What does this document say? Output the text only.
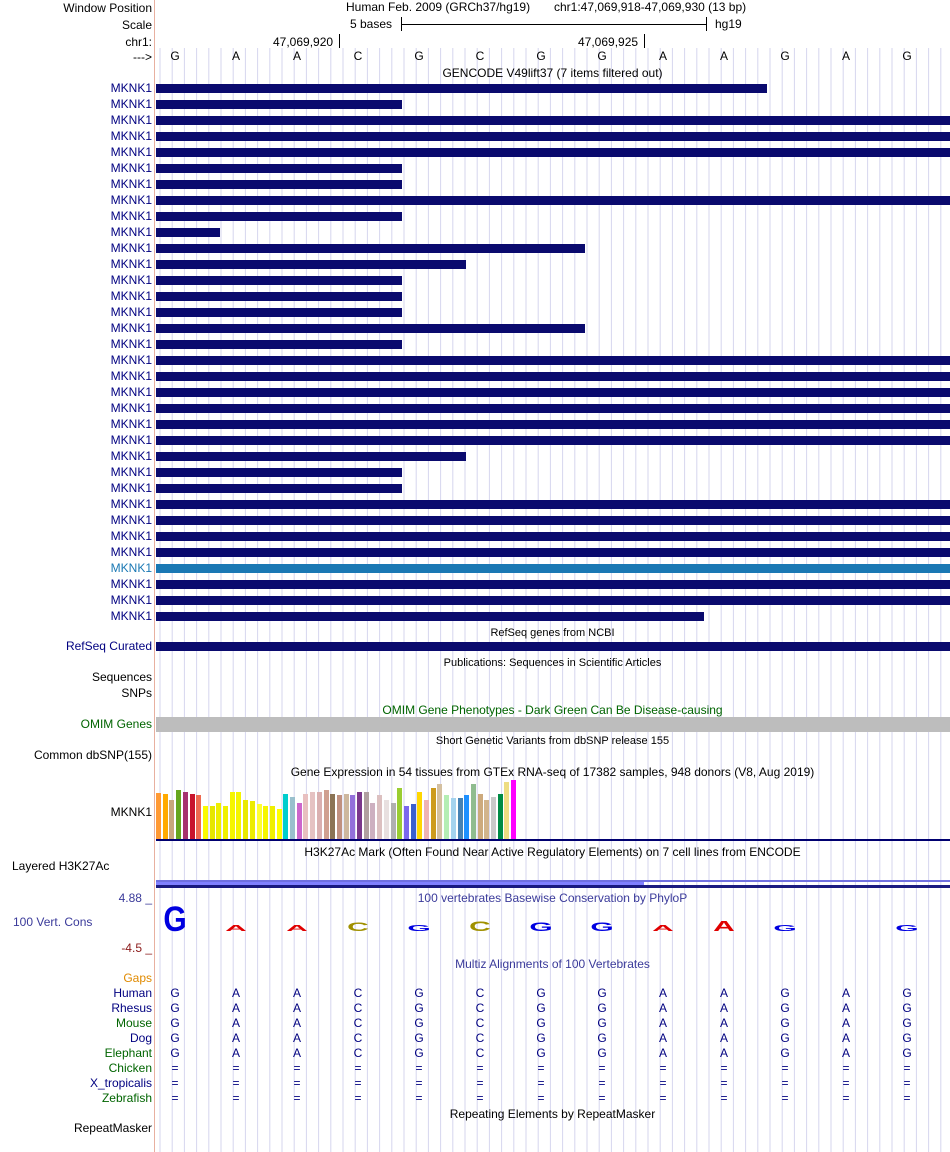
Window Position
Scale
chr1:
--->
Human Feb. 2009 (GRCh37/hg19) chr1:47,069,918-47,069,930 (13 bp)
5 bases	hg19
47,069,920	47,069,925
G	A	A	C	G	C	G	G	A	A	G	A	G
GENCODE V49lift37 (7 items filtered out)
MKNK1
MKNK1
MKNK1
MKNK1
MKNK1
MKNK1
MKNK1
MKNK1
MKNK1
MKNK1
MKNK1
MKNK1
MKNK1
MKNK1
MKNK1
MKNK1
MKNK1
MKNK1
MKNK1
MKNK1
MKNK1
MKNK1
MKNK1
MKNK1
MKNK1
MKNK1
MKNK1
MKNK1
MKNK1
MKNK1
MKNK1
MKNK1
MKNK1
MKNK1
RefSeq genes from NCBI
RefSeq Curated
Publications: Sequences in Scientific Articles
Sequences
SNPs
OMIM Gene Phenotypes - Dark Green Can Be Disease-causing
OMIM Genes
Short Genetic Variants from dbSNP release 155
Common dbSNP(155)
Gene Expression in 54 tissues from GTEx RNA-seq of 17382 samples, 948 donors (V8, Aug 2019)
MKNK1
H3K27Ac Mark (Often Found Near Active Regulatory Elements) on 7 cell lines from ENCODE
Layered H3K27Ac
100 vertebrates Basewise Conservation by PhyloP
4.88 _
100 Vert. Cons
-4.5 _
G A A C G C G G A A G	G
Multiz Alignments of 100 Vertebrates
Gaps
Human	G	A	A	C	G	C	G	G	A	A	G	A	G
Rhesus	G	A	A	C	G	C	G	G	A	A	G	A	G
Mouse	G	A	A	C	G	C	G	G	A	A	G	A	G
Dog	G	A	A	C	G	C	G	G	A	A	G	A	G
Elephant	G	A	A	C	G	C	G	G	A	A	G	A	G
Chicken	=	=	=	=	=	=	=	=	=	=	=	=	=
X_tropicalis	=	=	=	=	=	=	=	=	=	=	=	=	=
Zebrafish	=	=	=	=	=	=	=	=	=	=	=	=	=
Repeating Elements by RepeatMasker
RepeatMasker
